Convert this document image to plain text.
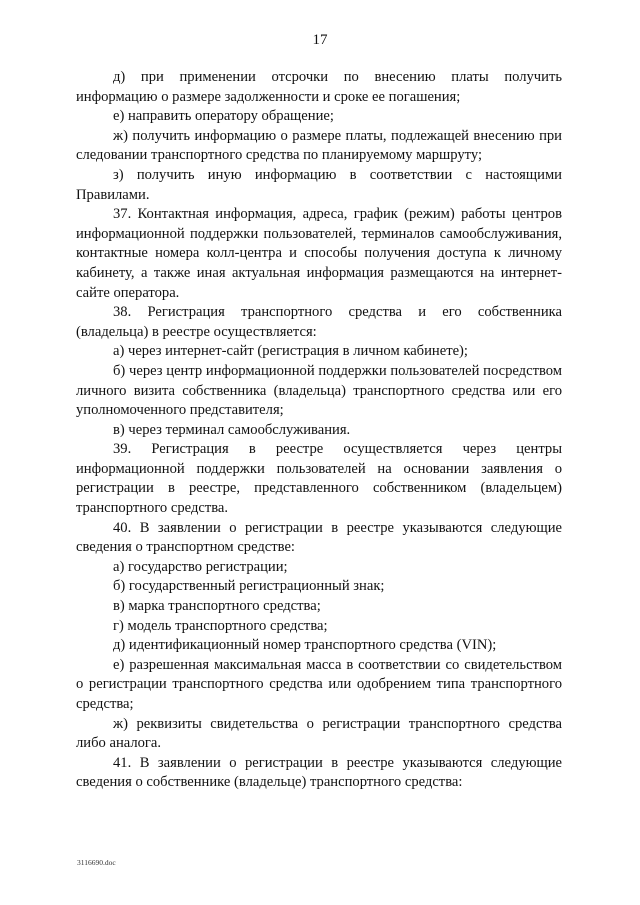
17

д) при применении отсрочки по внесению платы получить информацию о размере задолженности и сроке ее погашения;

е) направить оператору обращение;

ж) получить информацию о размере платы, подлежащей внесению при следовании транспортного средства по планируемому маршруту;

з) получить иную информацию в соответствии с настоящими Правилами.

37. Контактная информация, адреса, график (режим) работы центров информационной поддержки пользователей, терминалов самообслуживания, контактные номера колл-центра и способы получения доступа к личному кабинету, а также иная актуальная информация размещаются на интернет-сайте оператора.

38. Регистрация транспортного средства и его собственника (владельца) в реестре осуществляется:

а) через интернет-сайт (регистрация в личном кабинете);

б) через центр информационной поддержки пользователей посредством личного визита собственника (владельца) транспортного средства или его уполномоченного представителя;

в) через терминал самообслуживания.

39. Регистрация в реестре осуществляется через центры информационной поддержки пользователей на основании заявления о регистрации в реестре, представленного собственником (владельцем) транспортного средства.

40. В заявлении о регистрации в реестре указываются следующие сведения о транспортном средстве:

а) государство регистрации;

б) государственный регистрационный знак;

в) марка транспортного средства;

г) модель транспортного средства;

д) идентификационный номер транспортного средства (VIN);

е) разрешенная максимальная масса в соответствии со свидетельством о регистрации транспортного средства или одобрением типа транспортного средства;

ж) реквизиты свидетельства о регистрации транспортного средства либо аналога.

41. В заявлении о регистрации в реестре указываются следующие сведения о собственнике (владельце) транспортного средства:

3116690.doc
